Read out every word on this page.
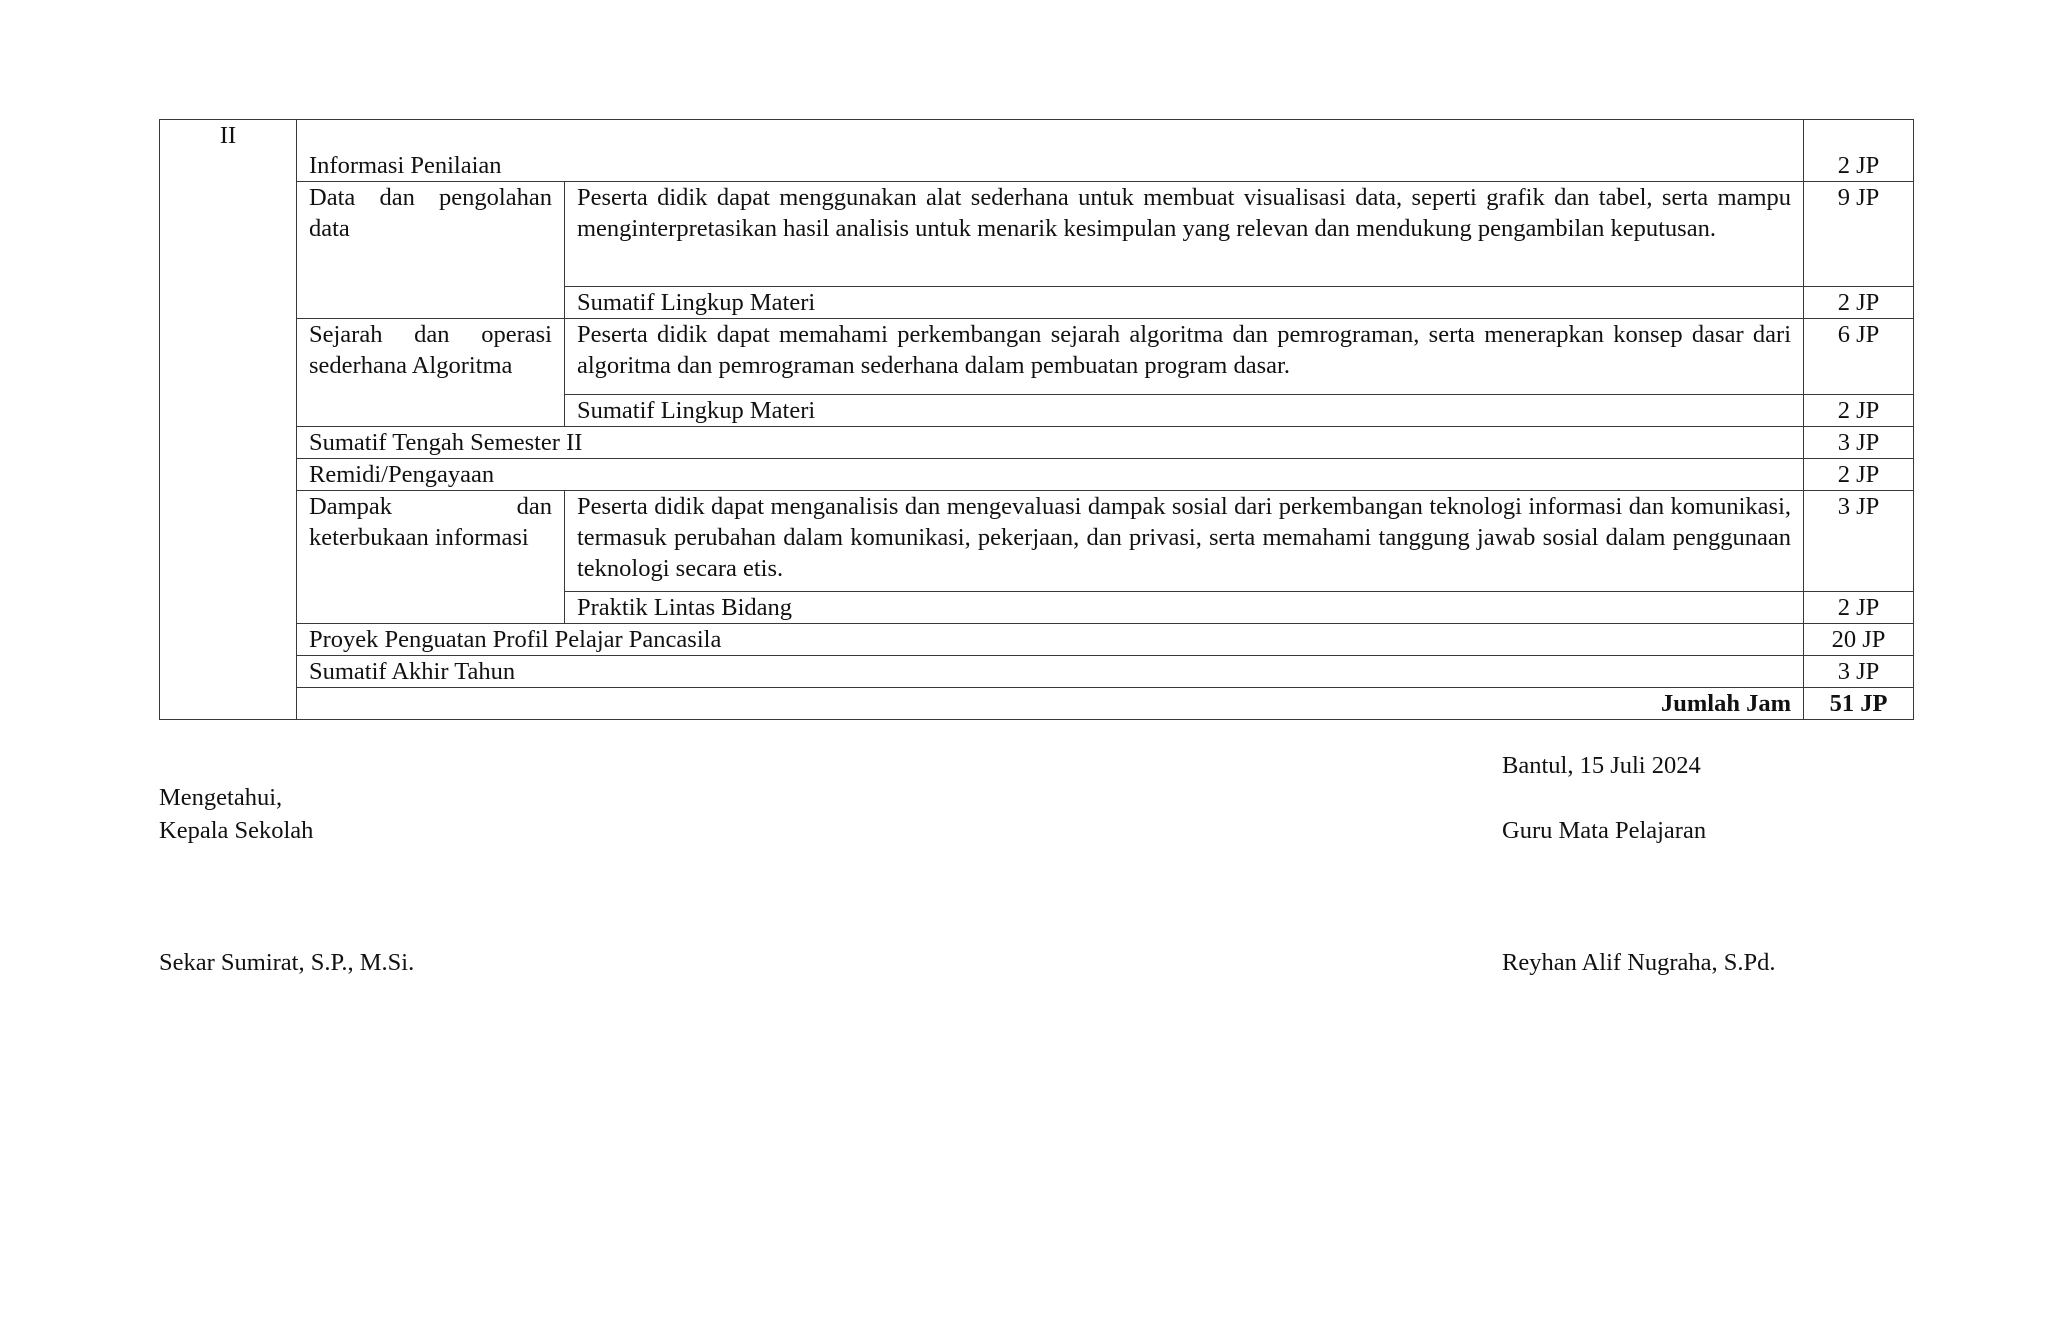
II	Informasi Penilaian		2 JP
	Data dan pengolahan data	Peserta didik dapat menggunakan alat sederhana untuk membuat visualisasi data, seperti grafik dan tabel, serta mampu menginterpretasikan hasil analisis untuk menarik kesimpulan yang relevan dan mendukung pengambilan keputusan.	9 JP
		Sumatif Lingkup Materi	2 JP
	Sejarah dan operasi sederhana Algoritma	Peserta didik dapat memahami perkembangan sejarah algoritma dan pemrograman, serta menerapkan konsep dasar dari algoritma dan pemrograman sederhana dalam pembuatan program dasar.	6 JP
		Sumatif Lingkup Materi	2 JP
	Sumatif Tengah Semester II		3 JP
	Remidi/Pengayaan		2 JP
	Dampak dan keterbukaan informasi	Peserta didik dapat menganalisis dan mengevaluasi dampak sosial dari perkembangan teknologi informasi dan komunikasi, termasuk perubahan dalam komunikasi, pekerjaan, dan privasi, serta memahami tanggung jawab sosial dalam penggunaan teknologi secara etis.	3 JP
		Praktik Lintas Bidang	2 JP
	Proyek Penguatan Profil Pelajar Pancasila		20 JP
	Sumatif Akhir Tahun		3 JP
	Jumlah Jam		51 JP
Bantul, 15 Juli 2024
Mengetahui,
Kepala Sekolah	Guru Mata Pelajaran
Sekar Sumirat, S.P., M.Si.	Reyhan Alif Nugraha, S.Pd.
